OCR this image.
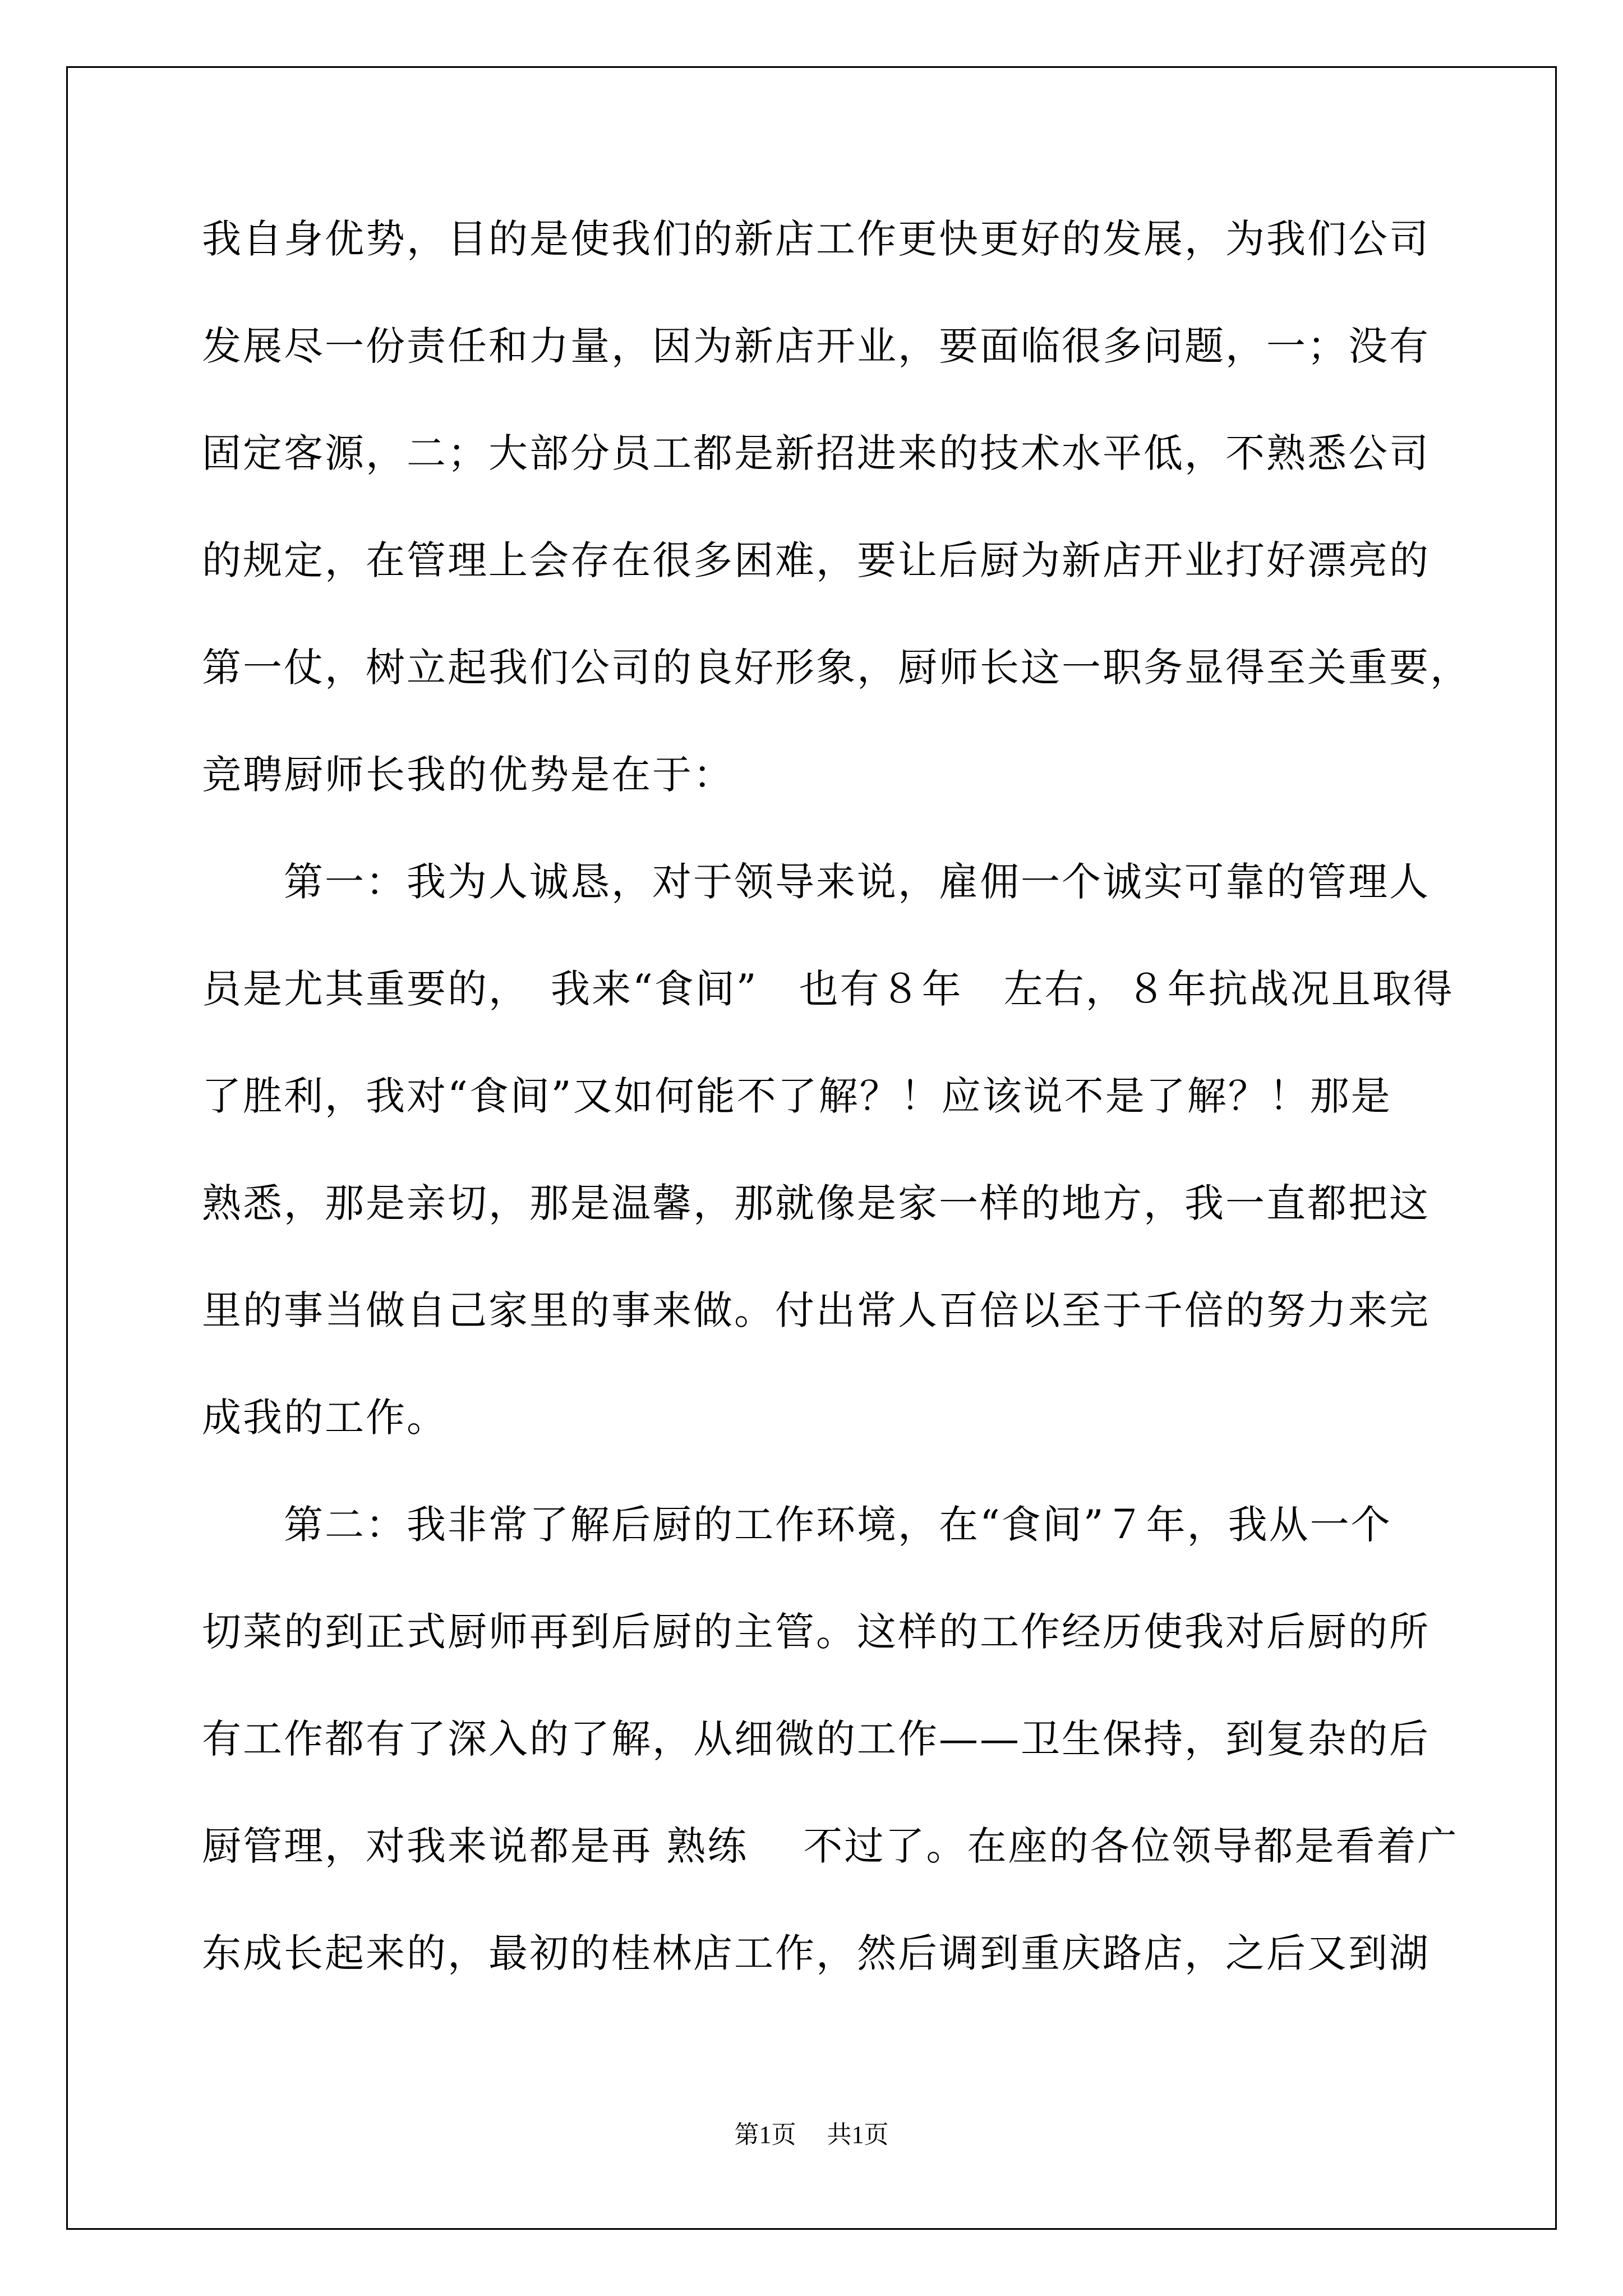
我自身优势，目的是使我们的新店工作更快更好的发展，为我们公司
发展尽一份责任和力量，因为新店开业，要面临很多问题，一；没有
固定客源，二；大部分员工都是新招进来的技术水平低，不熟悉公司
的规定，在管理上会存在很多困难，要让后厨为新店开业打好漂亮的
第一仗，树立起我们公司的良好形象，厨师长这一职务显得至关重要，
竞聘厨师长我的优势是在于：
　　第一：我为人诚恳，对于领导来说，雇佣一个诚实可靠的管理人
员是尤其重要的，　我来“食间”　也有８年　左右，８年抗战况且取得
了胜利，我对“食间”又如何能不了解？！应该说不是了解？！那是
熟悉，那是亲切，那是温馨，那就像是家一样的地方，我一直都把这
里的事当做自己家里的事来做。付出常人百倍以至于千倍的努力来完
成我的工作。
　　第二：我非常了解后厨的工作环境，在“食间”７年，我从一个
切菜的到正式厨师再到后厨的主管。这样的工作经历使我对后厨的所
有工作都有了深入的了解，从细微的工作——卫生保持，到复杂的后
厨管理，对我来说都是再 熟练　 不过了。在座的各位领导都是看着广
东成长起来的，最初的桂林店工作，然后调到重庆路店，之后又到湖
第1页　 共1页
